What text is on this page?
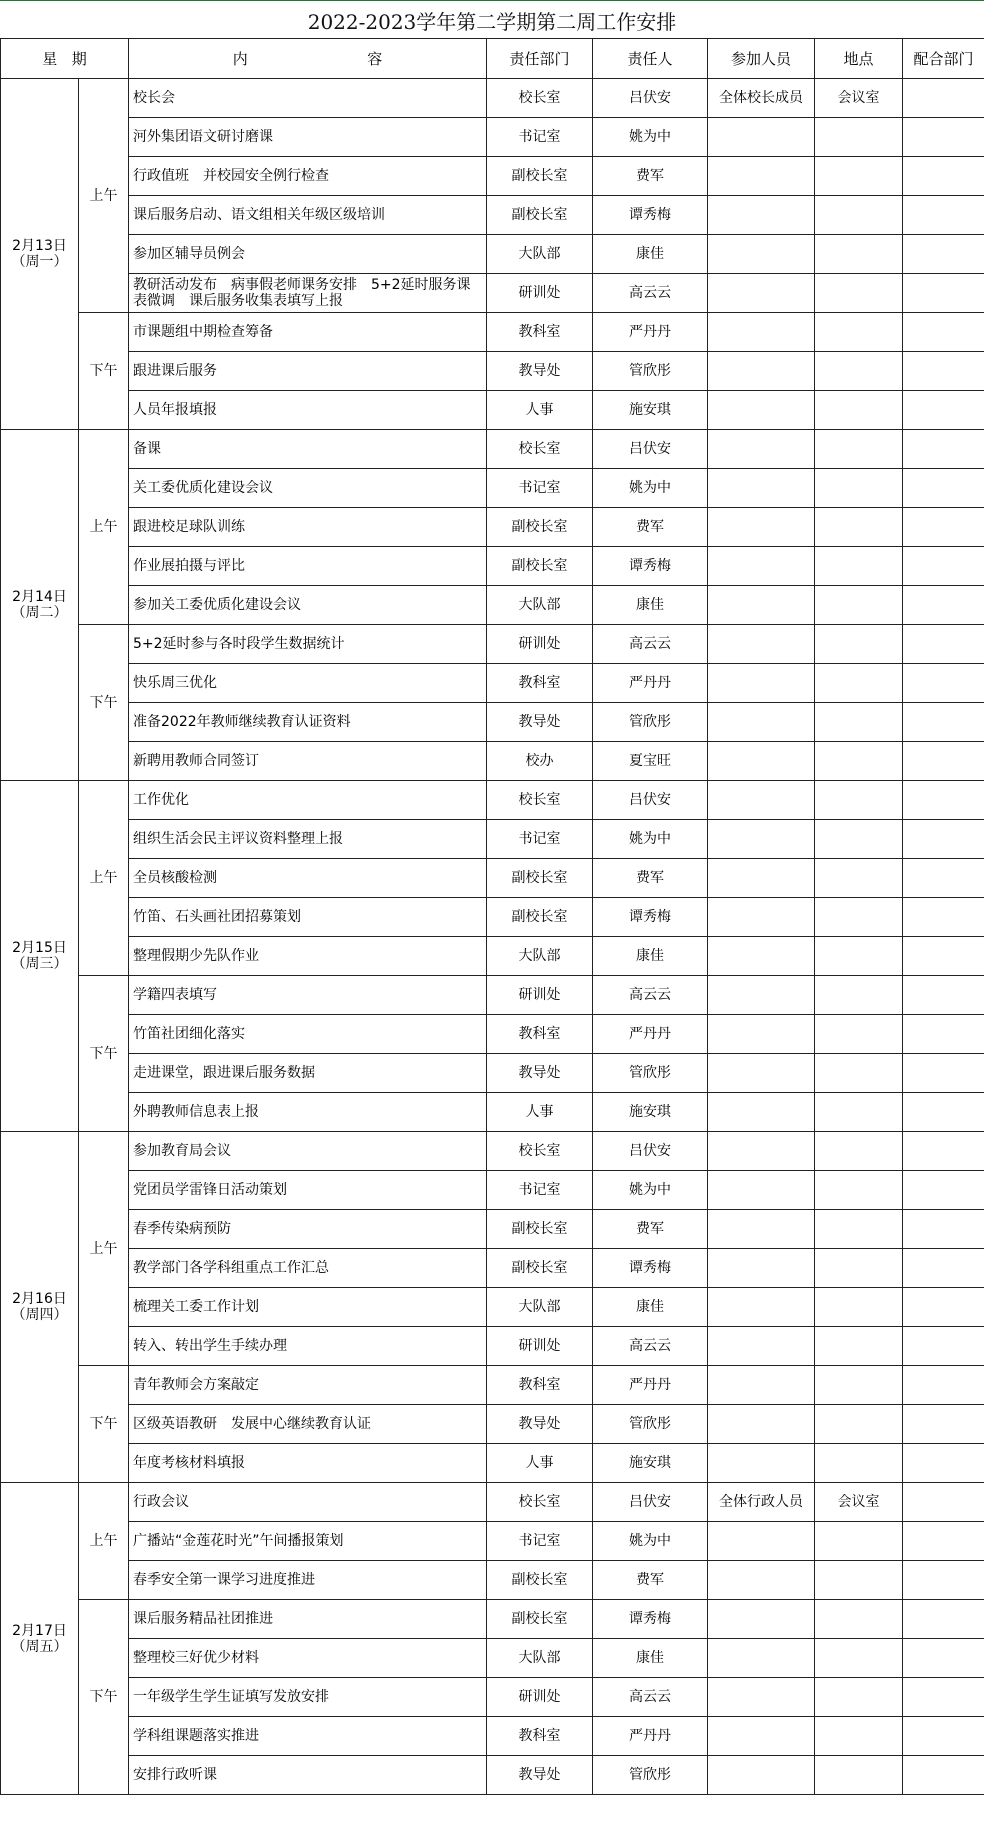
2022-2023学年第二学期第二周工作安排
星 期		内 容	责任部门	责任人	参加人员	地点	配合部门

2月13日
（周一）	上午	校长会	校长室	吕伏安	全体校长成员	会议室	
		河外集团语文研讨磨课	书记室	姚为中			
		行政值班　并校园安全例行检查	副校长室	费军			
		课后服务启动、语文组相关年级区级培训	副校长室	谭秀梅			
		参加区辅导员例会	大队部	康佳			
		教研活动发布　病事假老师课务安排　5+2延时服务课表微调　课后服务收集表填写上报	研训处	高云云			
	下午	市课题组中期检查筹备	教科室	严丹丹			
		跟进课后服务	教导处	管欣彤			
		人员年报填报	人事	施安琪			

2月14日
（周二）	上午	备课	校长室	吕伏安			
		关工委优质化建设会议	书记室	姚为中			
		跟进校足球队训练	副校长室	费军			
		作业展拍摄与评比	副校长室	谭秀梅			
		参加关工委优质化建设会议	大队部	康佳			
	下午	5+2延时参与各时段学生数据统计	研训处	高云云			
		快乐周三优化	教科室	严丹丹			
		准备2022年教师继续教育认证资料	教导处	管欣彤			
		新聘用教师合同签订	校办	夏宝旺			

2月15日
（周三）	上午	工作优化	校长室	吕伏安			
		组织生活会民主评议资料整理上报	书记室	姚为中			
		全员核酸检测	副校长室	费军			
		竹笛、石头画社团招募策划	副校长室	谭秀梅			
		整理假期少先队作业	大队部	康佳			
	下午	学籍四表填写	研训处	高云云			
		竹笛社团细化落实	教科室	严丹丹			
		走进课堂，跟进课后服务数据	教导处	管欣彤			
		外聘教师信息表上报	人事	施安琪			

2月16日
（周四）	上午	参加教育局会议	校长室	吕伏安			
		党团员学雷锋日活动策划	书记室	姚为中			
		春季传染病预防	副校长室	费军			
		教学部门各学科组重点工作汇总	副校长室	谭秀梅			
		梳理关工委工作计划	大队部	康佳			
		转入、转出学生手续办理	研训处	高云云			
	下午	青年教师会方案敲定	教科室	严丹丹			
		区级英语教研　发展中心继续教育认证	教导处	管欣彤			
		年度考核材料填报	人事	施安琪			

2月17日
（周五）	上午	行政会议	校长室	吕伏安	全体行政人员	会议室	
		广播站“金莲花时光”午间播报策划	书记室	姚为中			
		春季安全第一课学习进度推进	副校长室	费军			
	下午	课后服务精品社团推进	副校长室	谭秀梅			
		整理校三好优少材料	大队部	康佳			
		一年级学生学生证填写发放安排	研训处	高云云			
		学科组课题落实推进	教科室	严丹丹			
		安排行政听课	教导处	管欣彤			
